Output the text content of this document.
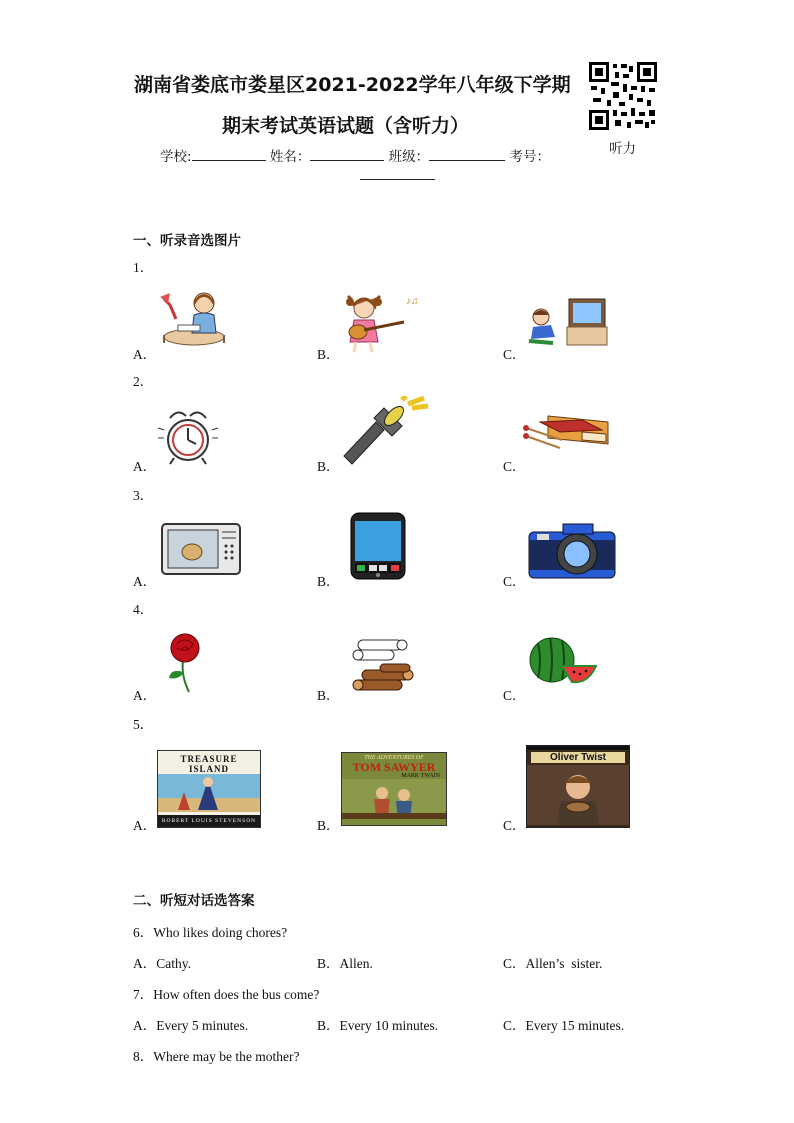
湖南省娄底市娄星区2021-2022学年八年级下学期
期末考试英语试题（含听力）
听力
学校:	姓名：	班级：	考号：
一、听录音选图片
1．
A．	B．	C．
♪♫
2．
A．	B．	C．
3．
A．	B．	C．
4．
A．	B．	C．
5．
A．	B．	C．
TREASURE
ISLAND
ROBERT LOUIS STEVENSON
THE ADVENTURES OF
TOM SAWYER
MARK TWAIN
Oliver Twist
二、听短对话选答案
6．Who likes doing chores?
A．Cathy.	B．Allen.	C．Allen’s  sister.
7．How often does the bus come?
A．Every 5 minutes.	B．Every 10 minutes.	C．Every 15 minutes.
8．Where may be the mother?
